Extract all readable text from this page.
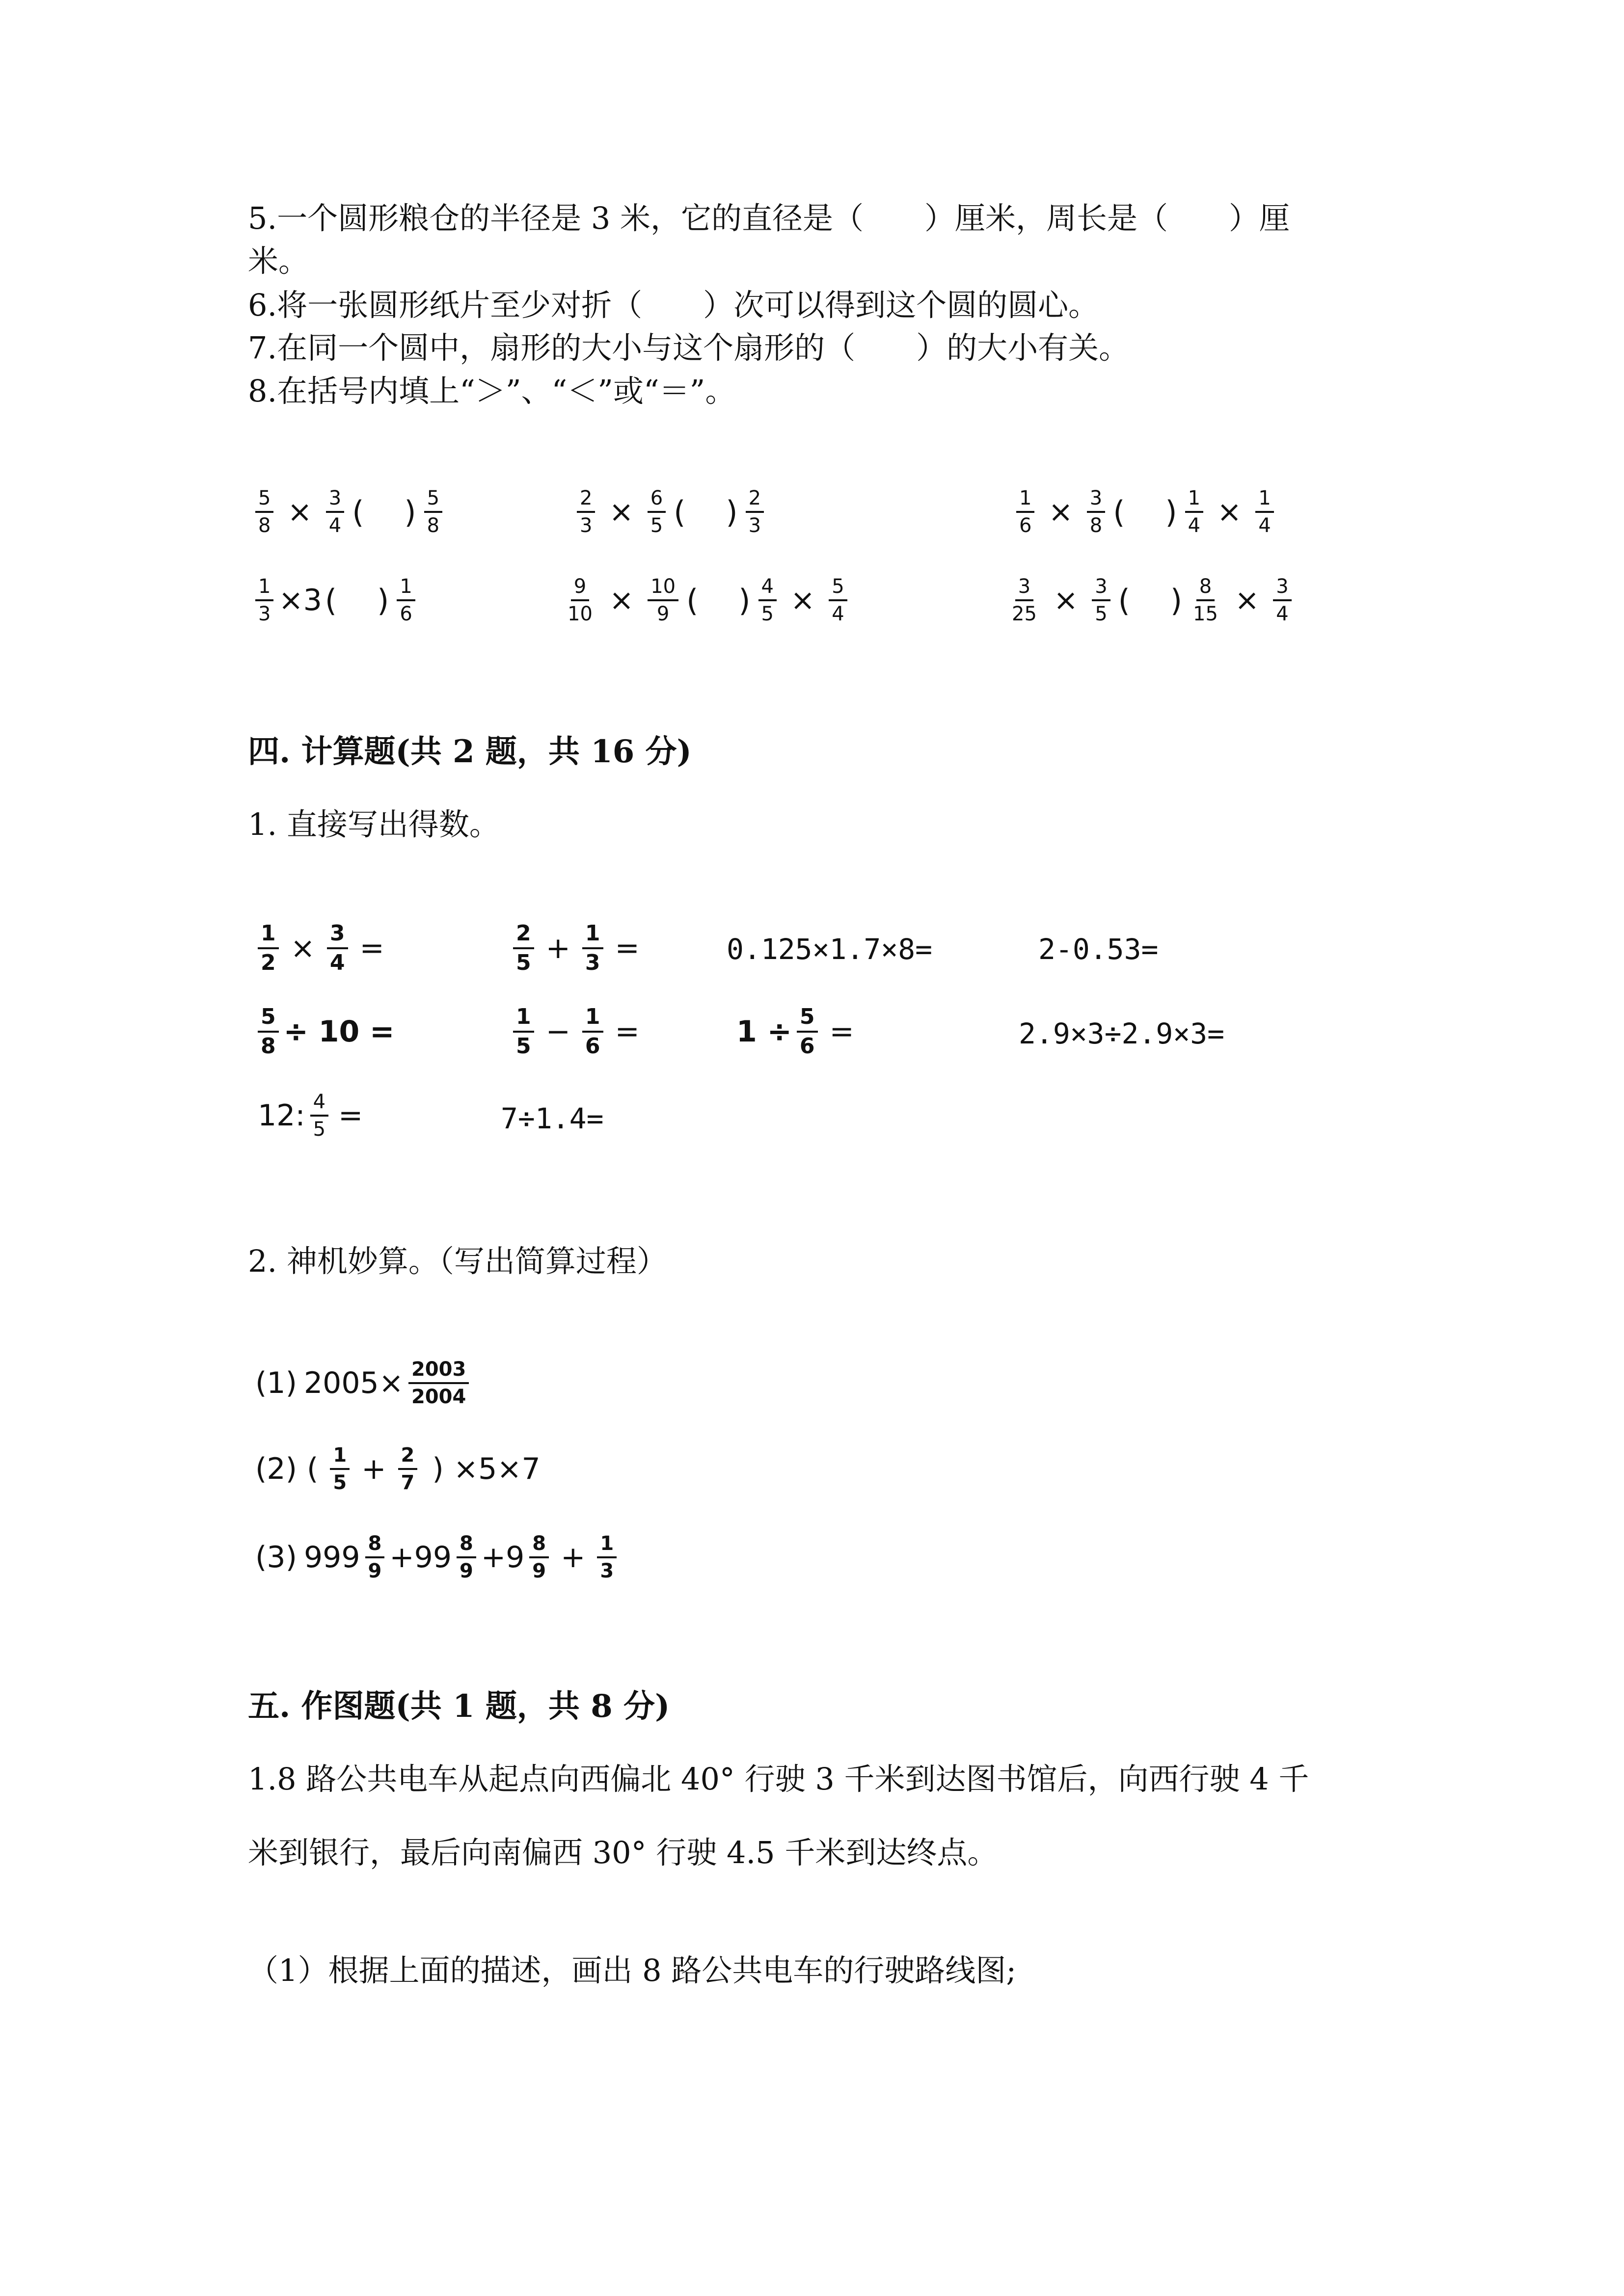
5.一个圆形粮仓的半径是 3 米，它的直径是（　　）厘米，周长是（　　）厘
米。
6.将一张圆形纸片至少对折（　　）次可以得到这个圆的圆心。
7.在同一个圆中，扇形的大小与这个扇形的（　　）的大小有关。
8.在括号内填上“＞”、“＜”或“＝”。
$\frac{5}{8} \times \frac{3}{4}$ ( ) $\frac{5}{8}$	$\frac{2}{3} \times \frac{6}{5}$ ( ) $\frac{2}{3}$	$\frac{1}{6} \times \frac{3}{8}$ ( ) $\frac{1}{4} \times \frac{1}{4}$
$\frac{1}{3} \times 3$ ( ) $\frac{1}{6}$	$\frac{9}{10} \times \frac{10}{9}$ ( ) $\frac{4}{5} \times \frac{5}{4}$	$\frac{3}{25} \times \frac{3}{5}$ ( ) $\frac{8}{15} \times \frac{3}{4}$
四. 计算题(共 2 题，共 16 分)
1. 直接写出得数。
$\frac{1}{2} \times \frac{3}{4}$ =	$\frac{2}{5} + \frac{1}{3}$ =	0.125×1.7×8=	2-0.53=
$\frac{5}{8} \div 10$ =	$\frac{1}{5} - \frac{1}{6}$ =	$1 \div \frac{5}{6}$ =	2.9×3÷2.9×3=
12: $\frac{4}{5}$ =	7÷1.4=
2. 神机妙算。（写出简算过程）
(1) $2005\times \frac{2003}{2004}$
(2) ( $\frac{1}{5} + \frac{2}{7}$ ) ×5×7
(3) $999 \frac{8}{9} +99 \frac{8}{9} +9 \frac{8}{9} + \frac{1}{3}$
五. 作图题(共 1 题，共 8 分)
1.8 路公共电车从起点向西偏北 40° 行驶 3 千米到达图书馆后，向西行驶 4 千
米到银行，最后向南偏西 30° 行驶 4.5 千米到达终点。
（1）根据上面的描述，画出 8 路公共电车的行驶路线图;
